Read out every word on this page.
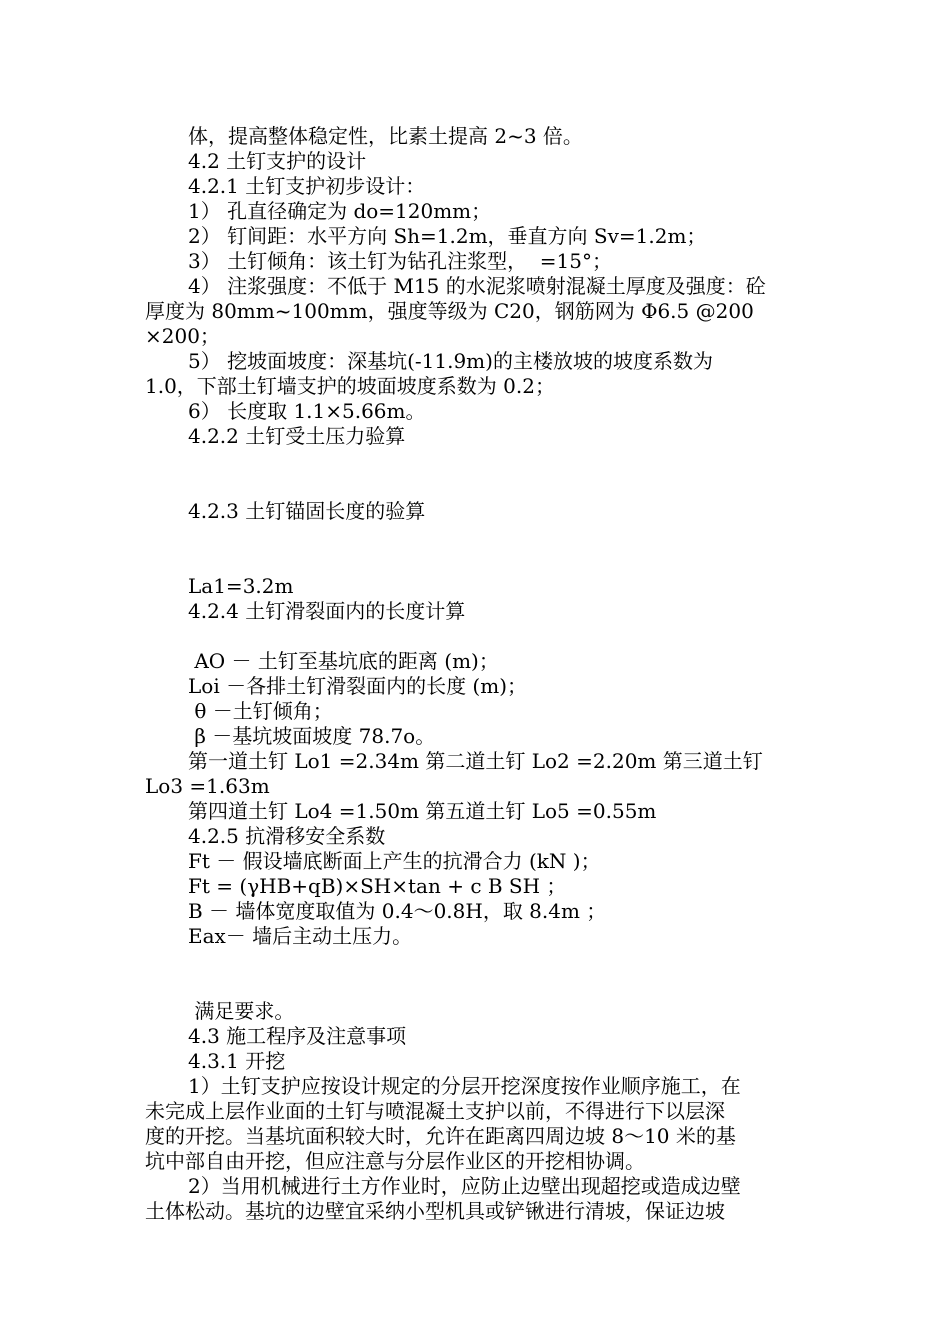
体，提高整体稳定性，比素土提高 2~3 倍。
4.2 土钉支护的设计
4.2.1 土钉支护初步设计：
1） 孔直径确定为 do=120mm；
2） 钉间距：水平方向 Sh=1.2m，垂直方向 Sv=1.2m；
3） 土钉倾角：该土钉为钻孔注浆型，  =15°；
4） 注浆强度：不低于 M15 的水泥浆喷射混凝土厚度及强度：砼
厚度为 80mm~100mm，强度等级为 C20，钢筋网为 Φ6.5 @200
×200；
5） 挖坡面坡度：深基坑(-11.9m)的主楼放坡的坡度系数为
1.0，下部土钉墙支护的坡面坡度系数为 0.2；
6） 长度取 1.1×5.66m。
4.2.2 土钉受土压力验算
4.2.3 土钉锚固长度的验算
La1=3.2m
4.2.4 土钉滑裂面内的长度计算
AO － 土钉至基坑底的距离 (m)；
Loi －各排土钉滑裂面内的长度 (m)；
θ －土钉倾角；
β －基坑坡面坡度 78.7o。
第一道土钉 Lo1 =2.34m 第二道土钉 Lo2 =2.20m 第三道土钉
Lo3 =1.63m
第四道土钉 Lo4 =1.50m 第五道土钉 Lo5 =0.55m
4.2.5 抗滑移安全系数
Ft － 假设墙底断面上产生的抗滑合力 (kN )；
Ft = (γHB+qB)×SH×tan + c B SH ；
B － 墙体宽度取值为 0.4～0.8H，取 8.4m ；
Eax－ 墙后主动土压力。
满足要求。
4.3 施工程序及注意事项
4.3.1 开挖
1）土钉支护应按设计规定的分层开挖深度按作业顺序施工，在
未完成上层作业面的土钉与喷混凝土支护以前，不得进行下以层深
度的开挖。当基坑面积较大时，允许在距离四周边坡 8～10 米的基
坑中部自由开挖，但应注意与分层作业区的开挖相协调。
2）当用机械进行土方作业时，应防止边壁出现超挖或造成边壁
土体松动。基坑的边壁宜采纳小型机具或铲锹进行清坡，保证边坡
